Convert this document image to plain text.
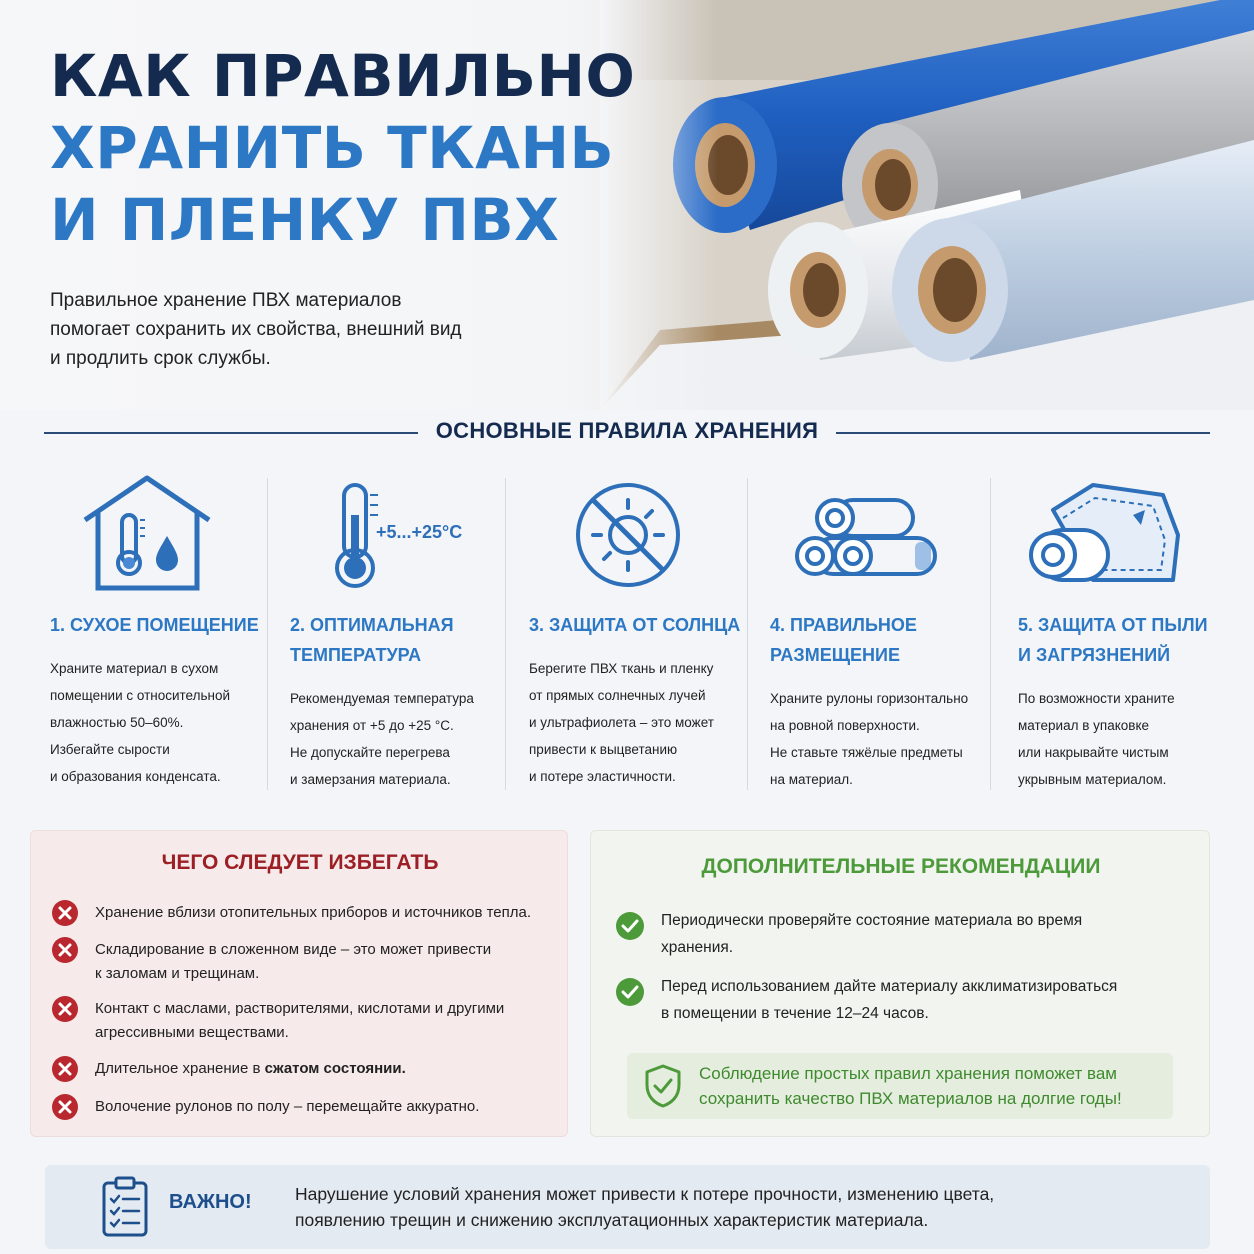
КАК ПРАВИЛЬНО
ХРАНИТЬ ТКАНЬ
И ПЛЕНКУ ПВХ
Правильное хранение ПВХ материалов
помогает сохранить их свойства, внешний вид
и продлить срок службы.
ОСНОВНЫЕ ПРАВИЛА ХРАНЕНИЯ
1. СУХОЕ ПОМЕЩЕНИЕ
Храните материал в сухом
помещении с относительной
влажностью 50–60%.
Избегайте сырости
и образования конденсата.
+5...+25°C
2. ОПТИМАЛЬНАЯ
ТЕМПЕРАТУРА
Рекомендуемая температура
хранения от +5 до +25 °С.
Не допускайте перегрева
и замерзания материала.
3. ЗАЩИТА ОТ СОЛНЦА
Берегите ПВХ ткань и пленку
от прямых солнечных лучей
и ультрафиолета – это может
привести к выцветанию
и потере эластичности.
4. ПРАВИЛЬНОЕ
РАЗМЕЩЕНИЕ
Храните рулоны горизонтально
на ровной поверхности.
Не ставьте тяжёлые предметы
на материал.
5. ЗАЩИТА ОТ ПЫЛИ
И ЗАГРЯЗНЕНИЙ
По возможности храните
материал в упаковке
или накрывайте чистым
укрывным материалом.
ЧЕГО СЛЕДУЕТ ИЗБЕГАТЬ
Хранение вблизи отопительных приборов и источников тепла.
Складирование в сложенном виде – это может привести
к заломам и трещинам.
Контакт с маслами, растворителями, кислотами и другими
агрессивными веществами.
Длительное хранение в сжатом состоянии.
Волочение рулонов по полу – перемещайте аккуратно.
ДОПОЛНИТЕЛЬНЫЕ РЕКОМЕНДАЦИИ
Периодически проверяйте состояние материала во время
хранения.
Перед использованием дайте материалу акклиматизироваться
в помещении в течение 12–24 часов.
Соблюдение простых правил хранения поможет вам
сохранить качество ПВХ материалов на долгие годы!
ВАЖНО! Нарушение условий хранения может привести к потере прочности, изменению цвета,
появлению трещин и снижению эксплуатационных характеристик материала.
